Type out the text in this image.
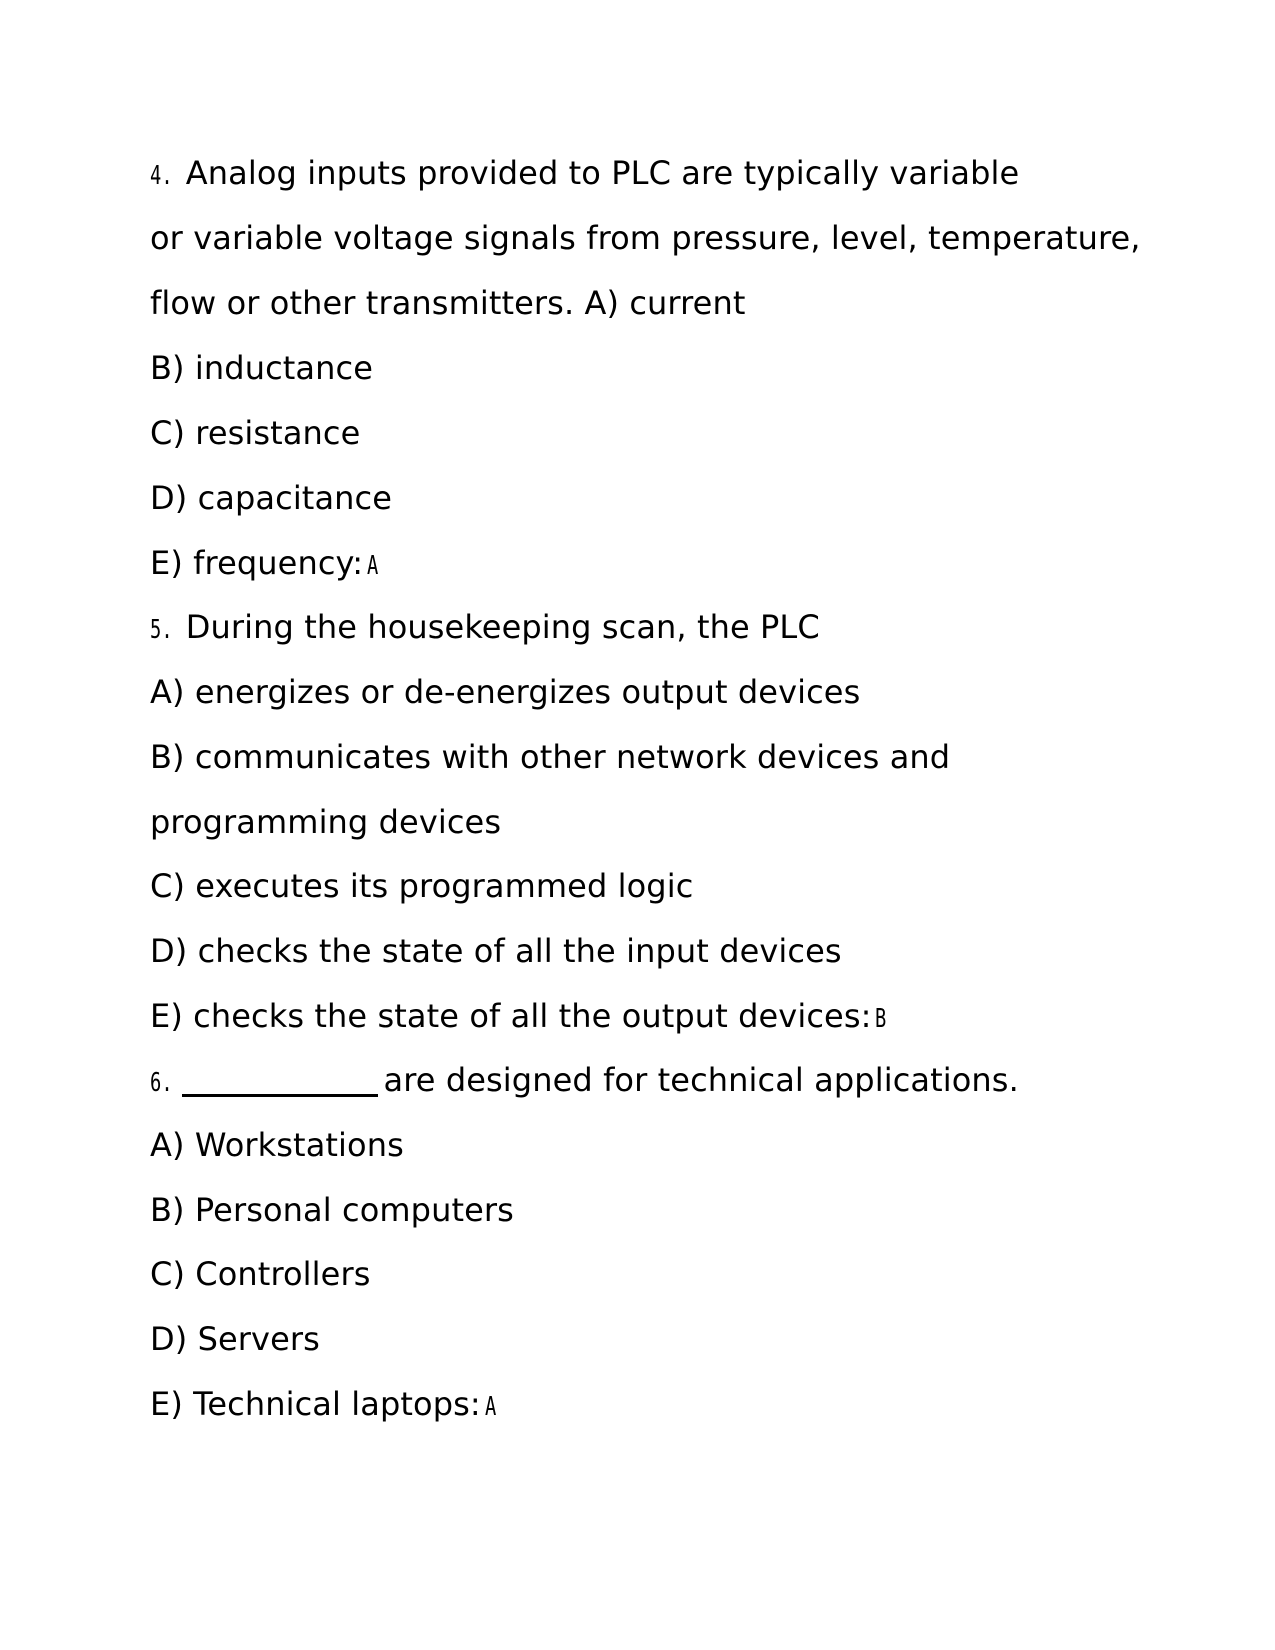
4. Analog inputs provided to PLC are typically variable
or variable voltage signals from pressure, level, temperature,
flow or other transmitters. A) current
B) inductance
C) resistance
D) capacitance
E) frequency: A
5. During the housekeeping scan, the PLC
A) energizes or de-energizes output devices
B) communicates with other network devices and
programming devices
C) executes its programmed logic
D) checks the state of all the input devices
E) checks the state of all the output devices: B
6.	are designed for technical applications.
A) Workstations
B) Personal computers
C) Controllers
D) Servers
E) Technical laptops: A
